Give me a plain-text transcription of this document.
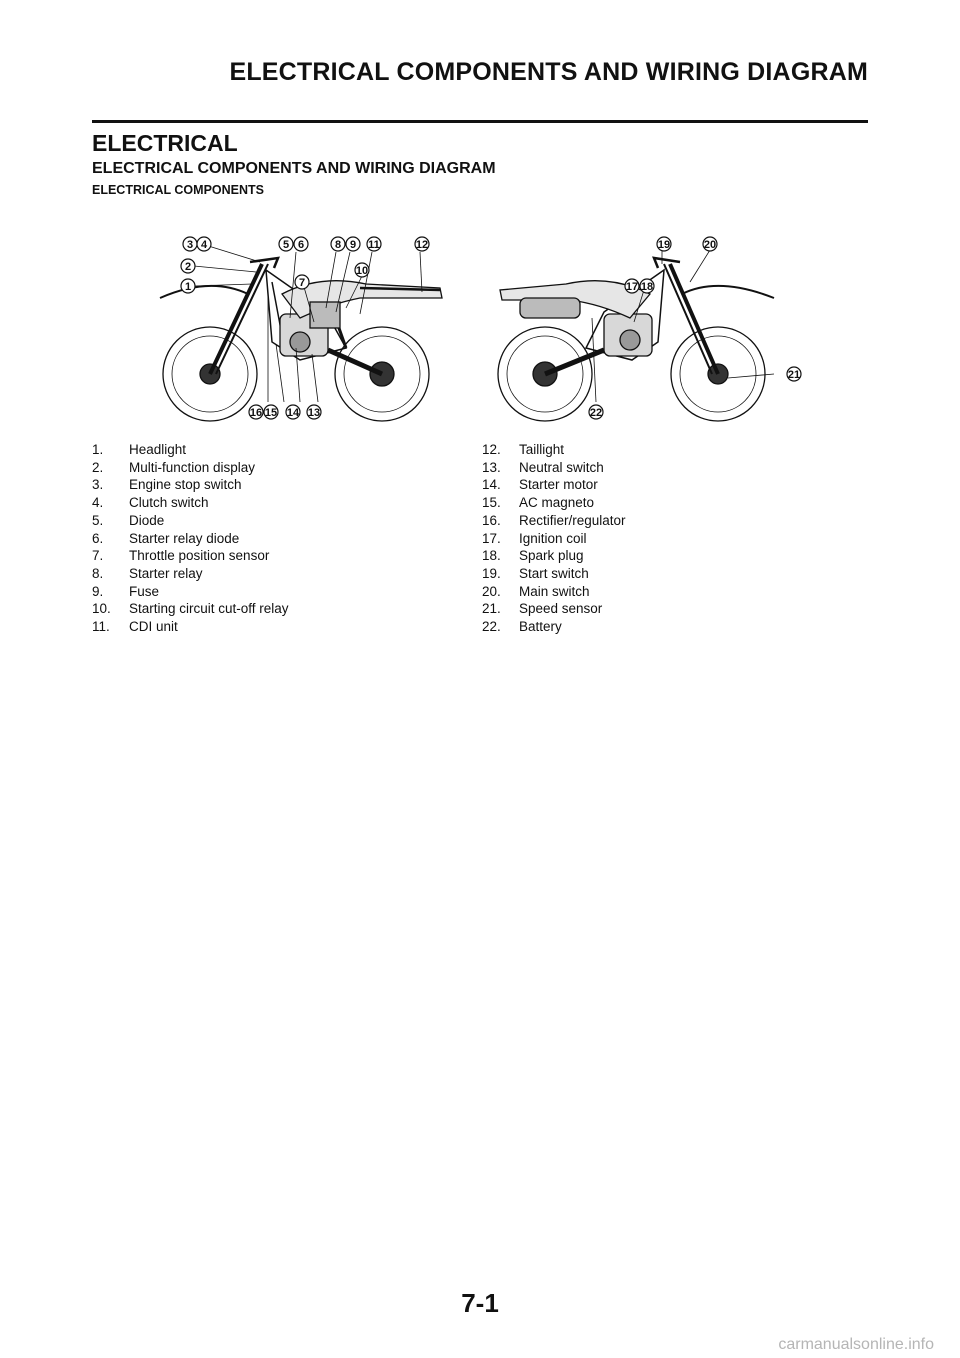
ELECTRICAL COMPONENTS AND WIRING DIAGRAM
ELECTRICAL
ELECTRICAL COMPONENTS AND WIRING DIAGRAM
ELECTRICAL COMPONENTS
3 4	5 6	8 9 11	12
2	10
1	7
16 15 14 13
19	20
17 18
21
22
1.	Headlight
2.	Multi-function display
3.	Engine stop switch
4.	Clutch switch
5.	Diode
6.	Starter relay diode
7.	Throttle position sensor
8.	Starter relay
9.	Fuse
10.	Starting circuit cut-off relay
11.	CDI unit
12.	Taillight
13.	Neutral switch
14.	Starter motor
15.	AC magneto
16.	Rectifier/regulator
17.	Ignition coil
18.	Spark plug
19.	Start switch
20.	Main switch
21.	Speed sensor
22.	Battery
7-1
carmanualsonline.info
